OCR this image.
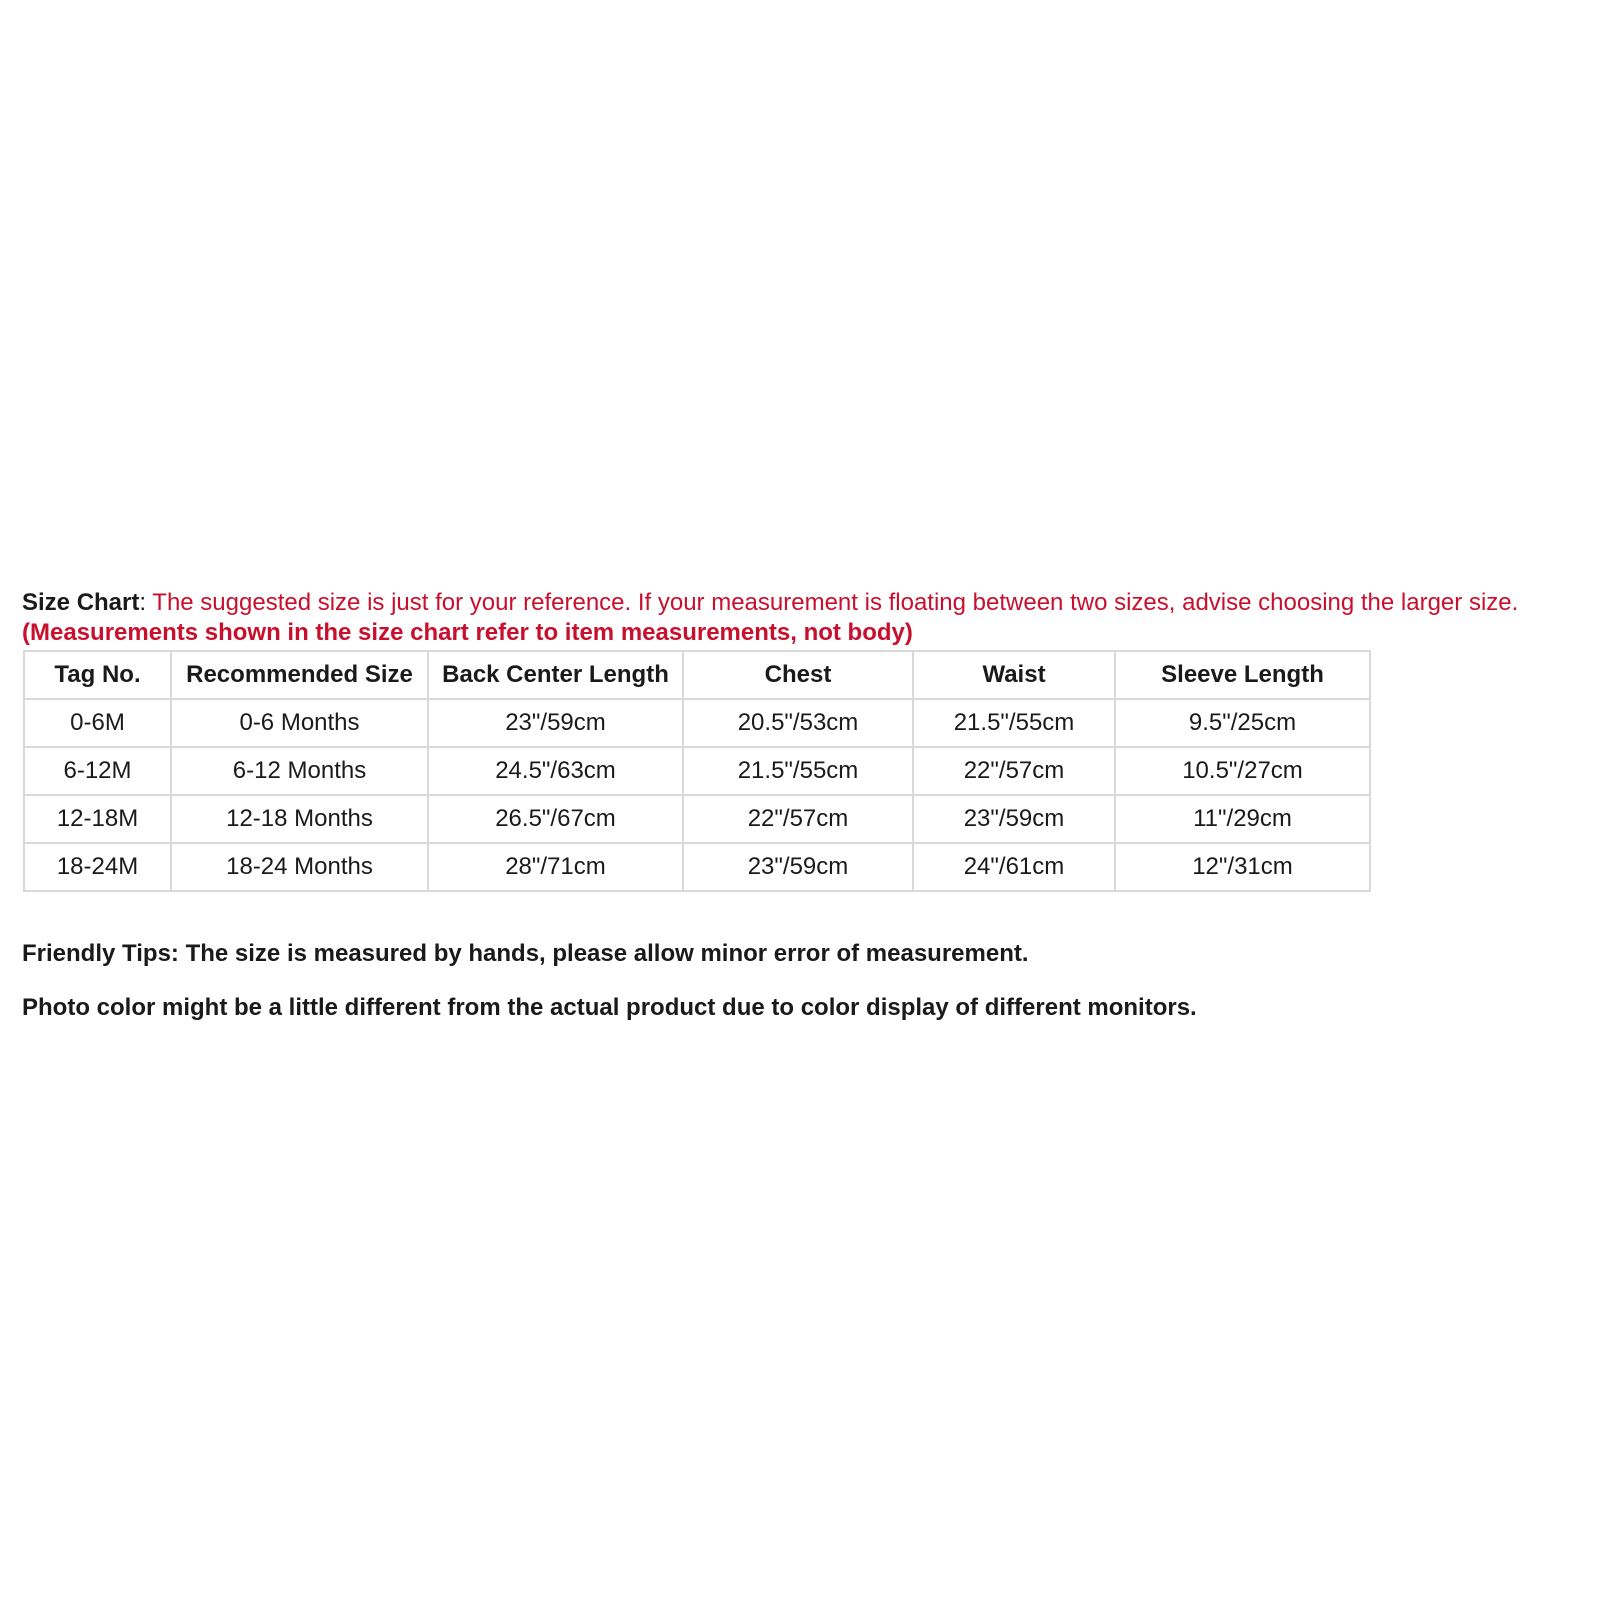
Size Chart: The suggested size is just for your reference. If your measurement is floating between two sizes, advise choosing the larger size. (Measurements shown in the size chart refer to item measurements, not body)
Tag No.	Recommended Size	Back Center Length	Chest	Waist	Sleeve Length
0-6M	0-6 Months	23"/59cm	20.5"/53cm	21.5"/55cm	9.5"/25cm
6-12M	6-12 Months	24.5"/63cm	21.5"/55cm	22"/57cm	10.5"/27cm
12-18M	12-18 Months	26.5"/67cm	22"/57cm	23"/59cm	11"/29cm
18-24M	18-24 Months	28"/71cm	23"/59cm	24"/61cm	12"/31cm
Friendly Tips: The size is measured by hands, please allow minor error of measurement.
Photo color might be a little different from the actual product due to color display of different monitors.
